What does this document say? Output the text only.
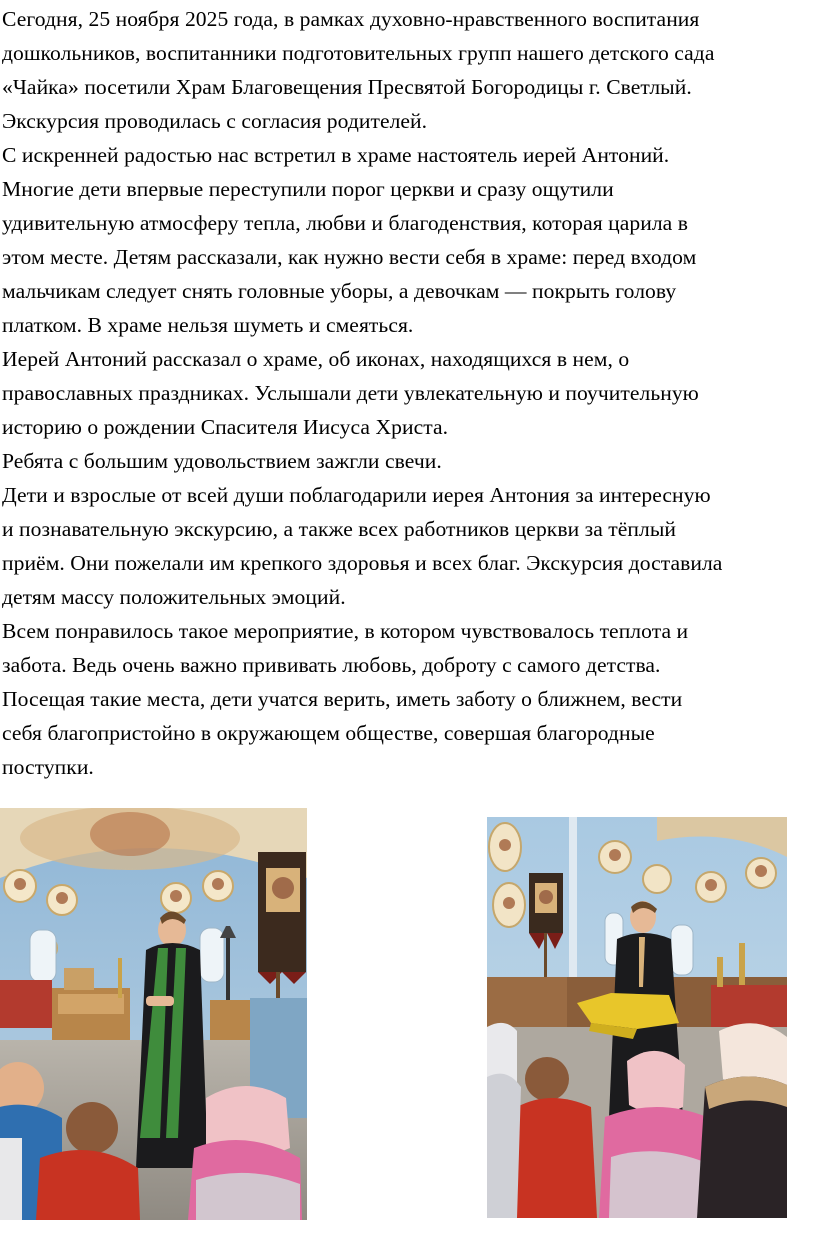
Сегодня, 25 ноября 2025 года, в рамках духовно-нравственного воспитания

дошкольников, воспитанники подготовительных групп нашего детского сада

«Чайка» посетили Храм Благовещения Пресвятой Богородицы г. Светлый.

Экскурсия проводилась с согласия родителей.

С искренней радостью нас встретил в храме настоятель иерей Антоний.

Многие дети впервые переступили порог церкви и сразу ощутили

удивительную атмосферу тепла, любви и благоденствия, которая царила в

этом месте. Детям рассказали, как нужно вести себя в храме: перед входом

мальчикам следует снять головные уборы, а девочкам — покрыть голову

платком. В храме нельзя шуметь и смеяться.

Иерей Антоний рассказал о храме, об иконах, находящихся в нем, о

православных праздниках. Услышали дети увлекательную и поучительную

историю о рождении Спасителя Иисуса Христа.

Ребята с большим удовольствием зажгли свечи.

Дети и взрослые от всей души поблагодарили иерея Антония за интересную

и познавательную экскурсию, а также всех работников церкви за тёплый

приём. Они пожелали им крепкого здоровья и всех благ. Экскурсия доставила

детям массу положительных эмоций.

Всем понравилось такое мероприятие, в котором чувствовалось теплота и

забота. Ведь очень важно прививать любовь, доброту с самого детства.

Посещая такие места, дети учатся верить, иметь заботу о ближнем, вести

себя благопристойно в окружающем обществе, совершая благородные

поступки.
